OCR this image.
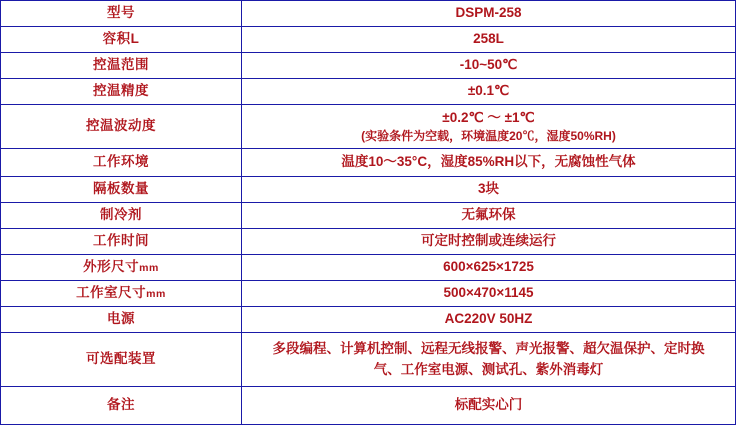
型号	DSPM-258

容积L	258L

控温范围	-10~50℃

控温精度	±0.1℃

控温波动度	±0.2℃ ～ ±1℃
(实验条件为空载，环境温度20℃，湿度50%RH)

工作环境	温度10～35°C，湿度85%RH以下，无腐蚀性气体

隔板数量	3块

制冷剂	无氟环保

工作时间	可定时控制或连续运行

外形尺寸mm	600×625×1725

工作室尺寸mm	500×470×1145

电源	AC220V 50HZ

可选配装罝	多段编程、计算机控制、远程无线报警、声光报警、超欠温保护、定时换气、工作室电源、测试孔、紫外消毒灯

备注	标配实心门
